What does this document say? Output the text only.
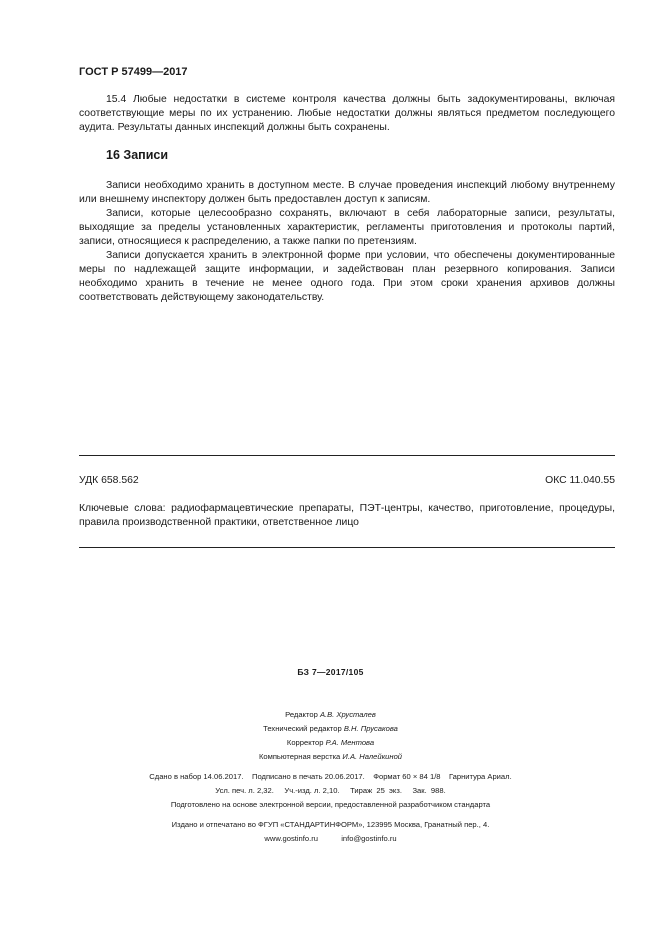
ГОСТ Р 57499—2017

15.4 Любые недостатки в системе контроля качества должны быть задокументированы, включая соответствующие меры по их устранению. Любые недостатки должны являться предметом последующего аудита. Результаты данных инспекций должны быть сохранены.

16 Записи

Записи необходимо хранить в доступном месте. В случае проведения инспекций любому внутреннему или внешнему инспектору должен быть предоставлен доступ к записям.

Записи, которые целесообразно сохранять, включают в себя лабораторные записи, результаты, выходящие за пределы установленных характеристик, регламенты приготовления и протоколы партий, записи, относящиеся к распределению, а также папки по претензиям.

Записи допускается хранить в электронной форме при условии, что обеспечены документированные меры по надлежащей защите информации, и задействован план резервного копирования. Записи необходимо хранить в течение не менее одного года. При этом сроки хранения архивов должны соответствовать действующему законодательству.

УДК 658.562	ОКС 11.040.55
Ключевые слова: радиофармацевтические препараты, ПЭТ-центры, качество, приготовление, процедуры, правила производственной практики, ответственное лицо
БЗ 7—2017/105
Редактор А.В. Хрусталев
Технический редактор В.Н. Прусакова
Корректор Р.А. Ментова
Компьютерная верстка И.А. Налейкиной
Сдано в набор 14.06.2017. Подписано в печать 20.06.2017. Формат 60 × 84 1/8 Гарнитура Ариал.
Усл. печ. л. 2,32.     Уч.-изд. л. 2,10.     Тираж  25  экз.     Зак.  988.
Подготовлено на основе электронной версии, предоставленной разработчиком стандарта
Издано и отпечатано во ФГУП «СТАНДАРТИНФОРМ», 123995 Москва, Гранатный пер., 4.
www.gostinfo.ru	info@gostinfo.ru
